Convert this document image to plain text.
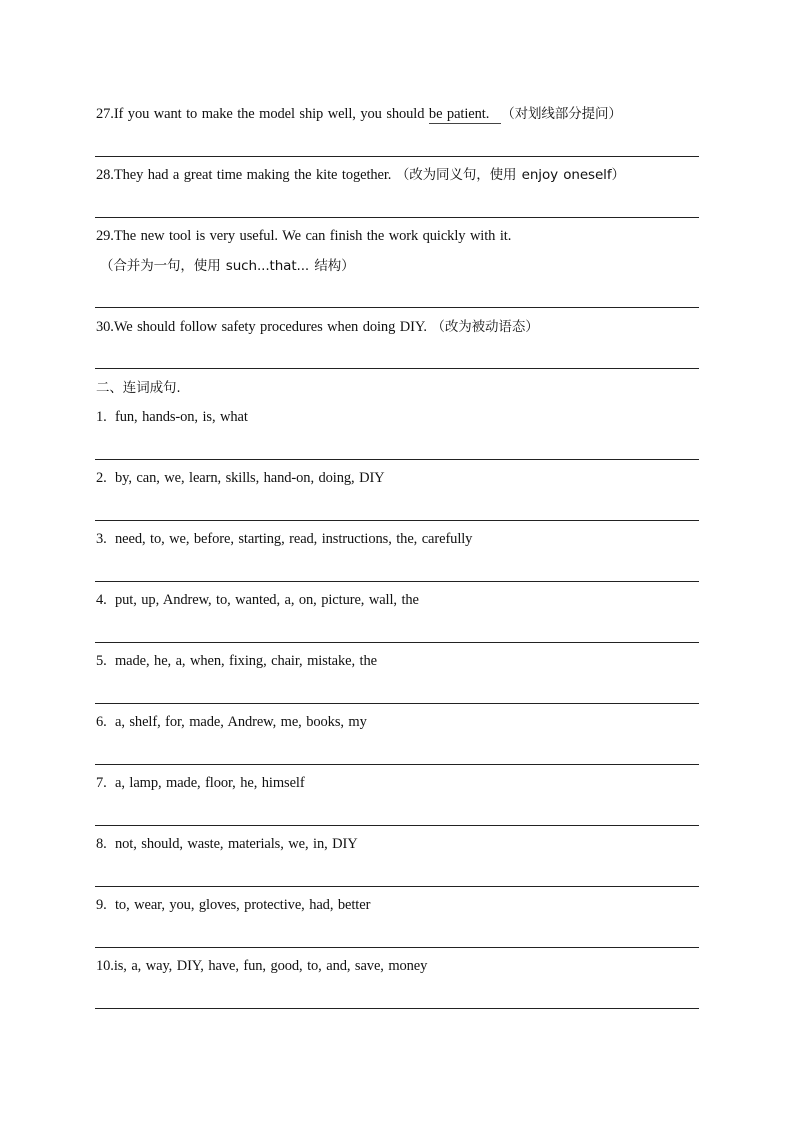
27.If you want to make the model ship well, you should be patient. （对划线部分提问）
28.They had a great time making the kite together. （改为同义句，使用 enjoy oneself）
29.The new tool is very useful. We can finish the work quickly with it.
（合并为一句，使用 such...that... 结构）
30.We should follow safety procedures when doing DIY. （改为被动语态）
二、连词成句.
1. fun, hands-on, is, what
2. by, can, we, learn, skills, hand-on, doing, DIY
3. need, to, we, before, starting, read, instructions, the, carefully
4. put, up, Andrew, to, wanted, a, on, picture, wall, the
5. made, he, a, when, fixing, chair, mistake, the
6. a, shelf, for, made, Andrew, me, books, my
7. a, lamp, made, floor, he, himself
8. not, should, waste, materials, we, in, DIY
9. to, wear, you, gloves, protective, had, better
10.is, a, way, DIY, have, fun, good, to, and, save, money
